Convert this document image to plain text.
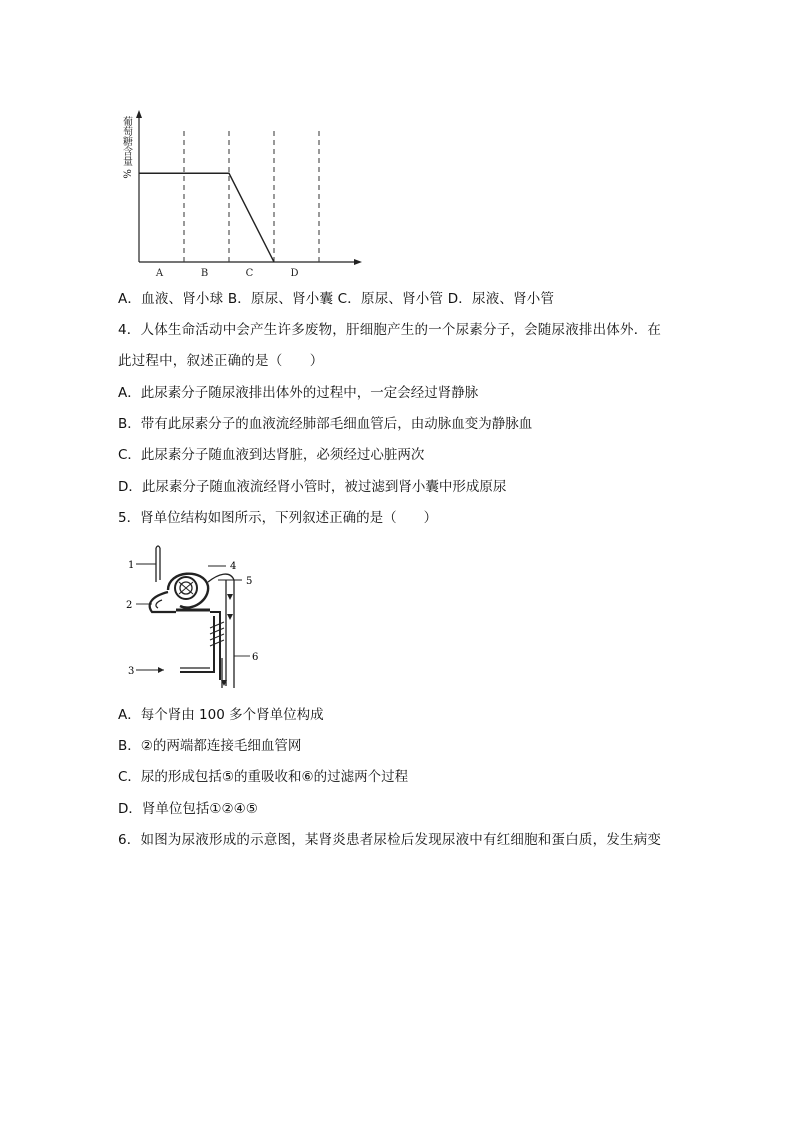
A	B	C	D
葡萄糖含量 %
A．血液、肾小球 B．原尿、肾小囊 C．原尿、肾小管 D．尿液、肾小管
4．人体生命活动中会产生许多废物，肝细胞产生的一个尿素分子，会随尿液排出体外．在
此过程中，叙述正确的是（　　）
A．此尿素分子随尿液排出体外的过程中，一定会经过肾静脉
B．带有此尿素分子的血液流经肺部毛细血管后，由动脉血变为静脉血
C．此尿素分子随血液到达肾脏，必须经过心脏两次
D．此尿素分子随血液流经肾小管时，被过滤到肾小囊中形成原尿
5．肾单位结构如图所示，下列叙述正确的是（　　）
1
2
3
4
5
6
A．每个肾由 100 多个肾单位构成
B．②的两端都连接毛细血管网
C．尿的形成包括⑤的重吸收和⑥的过滤两个过程
D．肾单位包括①②④⑤
6．如图为尿液形成的示意图，某肾炎患者尿检后发现尿液中有红细胞和蛋白质，发生病变
